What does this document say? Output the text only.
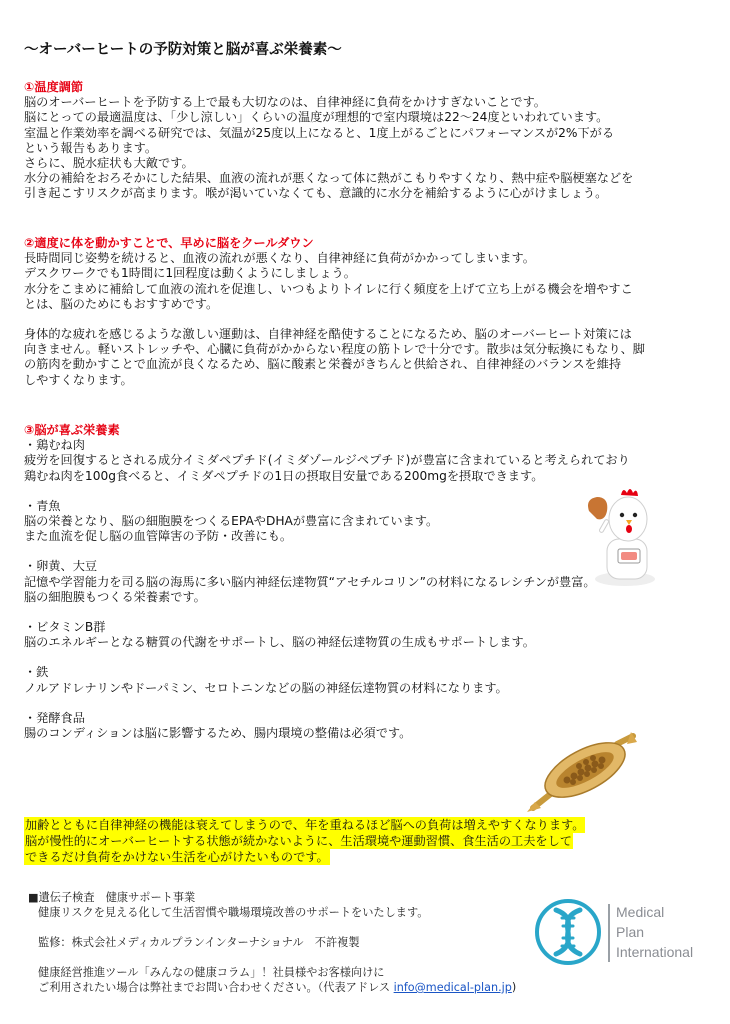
〜オーバーヒートの予防対策と脳が喜ぶ栄養素〜
①温度調節
脳のオーバーヒートを予防する上で最も大切なのは、自律神経に負荷をかけすぎないことです。
脳にとっての最適温度は、「少し涼しい」くらいの温度が理想的で室内環境は22〜24度といわれています。
室温と作業効率を調べる研究では、気温が25度以上になると、1度上がるごとにパフォーマンスが2%下がる
という報告もあります。
さらに、脱水症状も大敵です。
水分の補給をおろそかにした結果、血液の流れが悪くなって体に熱がこもりやすくなり、熱中症や脳梗塞などを
引き起こすリスクが高まります。喉が渇いていなくても、意識的に水分を補給するように心がけましょう。
②適度に体を動かすことで、早めに脳をクールダウン
長時間同じ姿勢を続けると、血液の流れが悪くなり、自律神経に負荷がかかってしまいます。
デスクワークでも1時間に1回程度は動くようにしましょう。
水分をこまめに補給して血液の流れを促進し、いつもよりトイレに行く頻度を上げて立ち上がる機会を増やすこ
とは、脳のためにもおすすめです。
身体的な疲れを感じるような激しい運動は、自律神経を酷使することになるため、脳のオーバーヒート対策には
向きません。軽いストレッチや、心臓に負荷がかからない程度の筋トレで十分です。散歩は気分転換にもなり、脚
の筋肉を動かすことで血流が良くなるため、脳に酸素と栄養がきちんと供給され、自律神経のバランスを維持
しやすくなります。
③脳が喜ぶ栄養素
・鶏むね肉
疲労を回復するとされる成分イミダペプチド(イミダゾールジペプチド)が豊富に含まれていると考えられており
鶏むね肉を100g食べると、イミダペプチドの1日の摂取目安量である200mgを摂取できます。
・青魚
脳の栄養となり、脳の細胞膜をつくるEPAやDHAが豊富に含まれています。
また血流を促し脳の血管障害の予防・改善にも。
・卵黄、大豆
記憶や学習能力を司る脳の海馬に多い脳内神経伝達物質“アセチルコリン”の材料になるレシチンが豊富。
脳の細胞膜もつくる栄養素です。
・ビタミンB群
脳のエネルギーとなる糖質の代謝をサポートし、脳の神経伝達物質の生成もサポートします。
・鉄
ノルアドレナリンやドーパミン、セロトニンなどの脳の神経伝達物質の材料になります。
・発酵食品
腸のコンディションは脳に影響するため、腸内環境の整備は必須です。
加齢とともに自律神経の機能は衰えてしまうので、年を重ねるほど脳への負荷は増えやすくなります。
脳が慢性的にオーバーヒートする状態が続かないように、生活環境や運動習慣、食生活の工夫をして
できるだけ負荷をかけない生活を心がけたいものです。
■遺伝子検査　健康サポート事業
健康リスクを見える化して生活習慣や職場環境改善のサポートをいたします。
監修：株式会社メディカルプランインターナショナル　不許複製
健康経営推進ツール「みんなの健康コラム」！社員様やお客様向けに
ご利用されたい場合は弊社までお問い合わせください。（代表アドレス info@medical-plan.jp)
Medical
Plan
International
